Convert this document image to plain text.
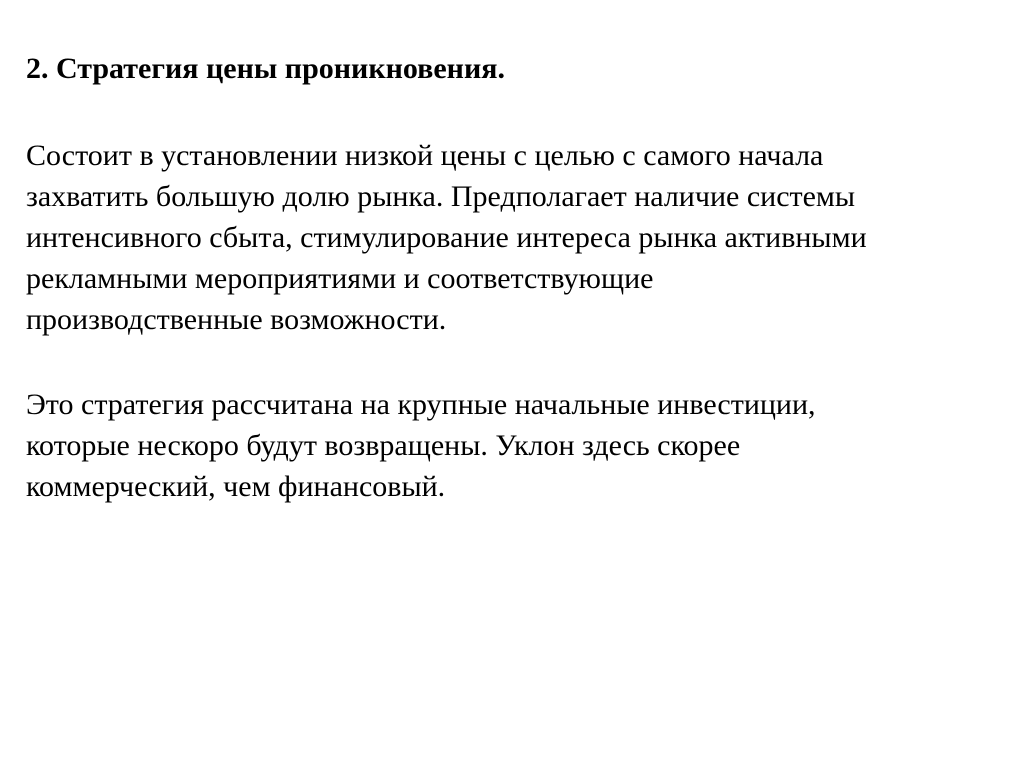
2. Стратегия цены проникновения.

Состоит в установлении низкой цены с целью с самого начала
захватить большую долю рынка. Предполагает наличие системы
интенсивного сбыта, стимулирование интереса рынка активными
рекламными мероприятиями и соответствующие
производственные возможности.

Это стратегия рассчитана на крупные начальные инвестиции,
которые нескоро будут возвращены. Уклон здесь скорее
коммерческий, чем финансовый.
